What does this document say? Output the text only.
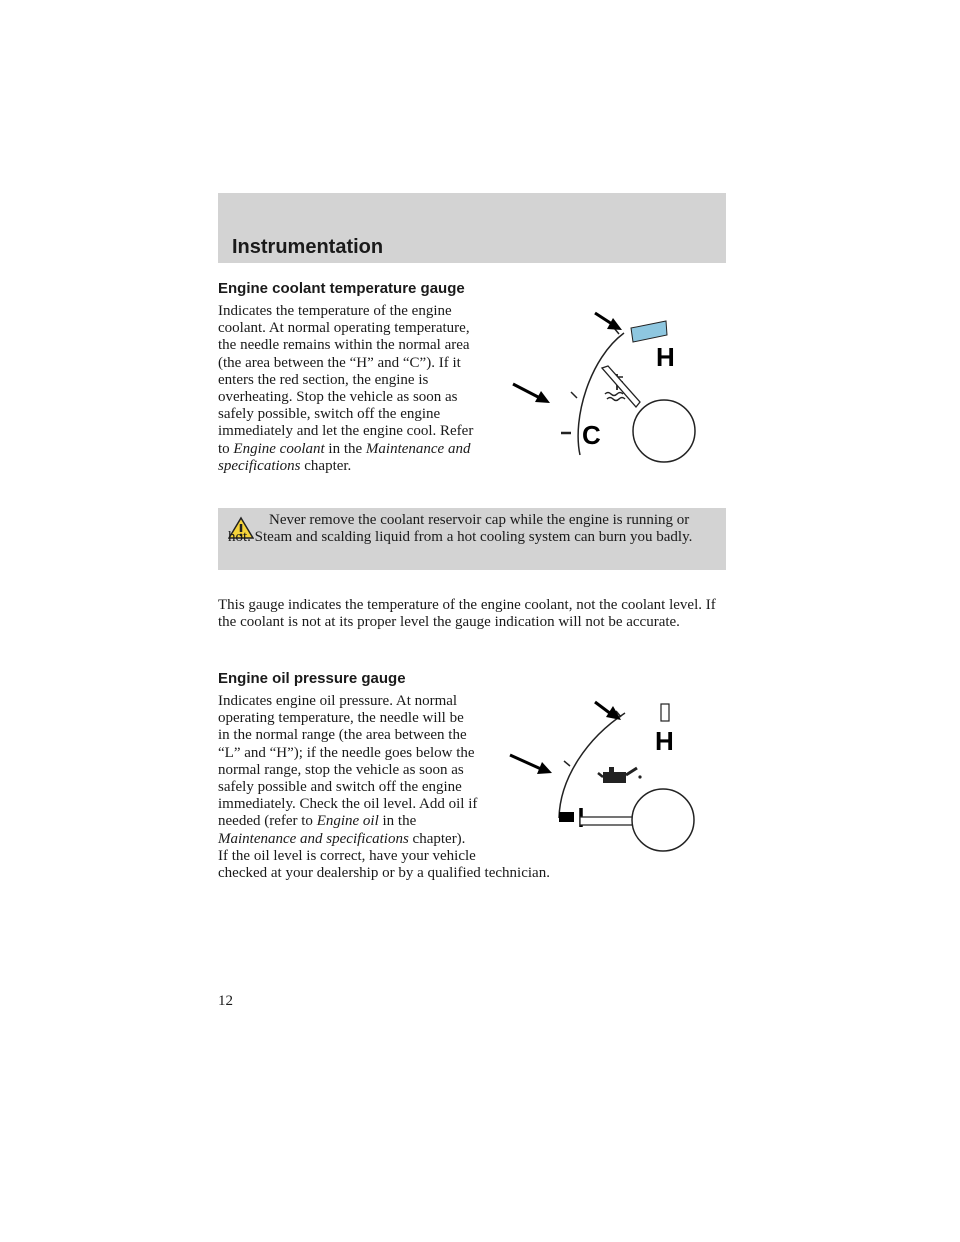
Instrumentation
Engine coolant temperature gauge

Indicates the temperature of the engine coolant. At normal operating temperature, the needle remains within the normal area (the area between the “H” and “C”). If it enters the red section, the engine is overheating. Stop the vehicle as soon as safely possible, switch off the engine immediately and let the engine cool. Refer to Engine coolant in the Maintenance and specifications chapter.

H
C

Never remove the coolant reservoir cap while the engine is running or hot. Steam and scalding liquid from a hot cooling system can burn you badly.

This gauge indicates the temperature of the engine coolant, not the coolant level. If the coolant is not at its proper level the gauge indication will not be accurate.

Engine oil pressure gauge

Indicates engine oil pressure. At normal operating temperature, the needle will be in the normal range (the area between the “L” and “H”); if the needle goes below the normal range, stop the vehicle as soon as safely possible and switch off the engine immediately. Check the oil level. Add oil if needed (refer to Engine oil in the Maintenance and specifications chapter). If the oil level is correct, have your vehicle checked at your dealership or by a qualified technician.

H

12
